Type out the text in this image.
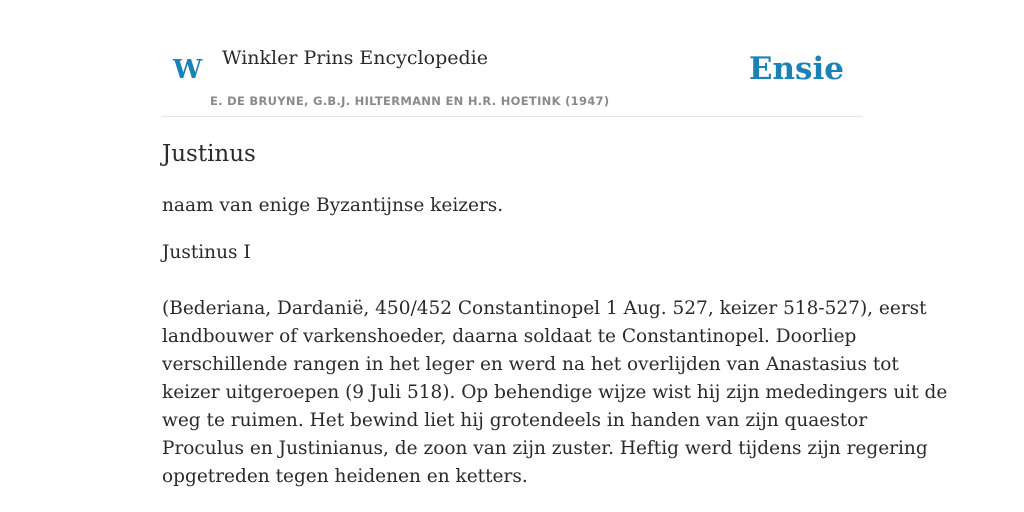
W Winkler Prins Encyclopedie
E. DE BRUYNE, G.B.J. HILTERMANN EN H.R. HOETINK (1947)
Ensie
Justinus

naam van enige Byzantijnse keizers.

Justinus I

(Bederiana, Dardanië, 450/452 Constantinopel 1 Aug. 527, keizer 518-527), eerst
landbouwer of varkenshoeder, daarna soldaat te Constantinopel. Doorliep
verschillende rangen in het leger en werd na het overlijden van Anastasius tot
keizer uitgeroepen (9 Juli 518). Op behendige wijze wist hij zijn mededingers uit de
weg te ruimen. Het bewind liet hij grotendeels in handen van zijn quaestor
Proculus en Justinianus, de zoon van zijn zuster. Heftig werd tijdens zijn regering
opgetreden tegen heidenen en ketters.
